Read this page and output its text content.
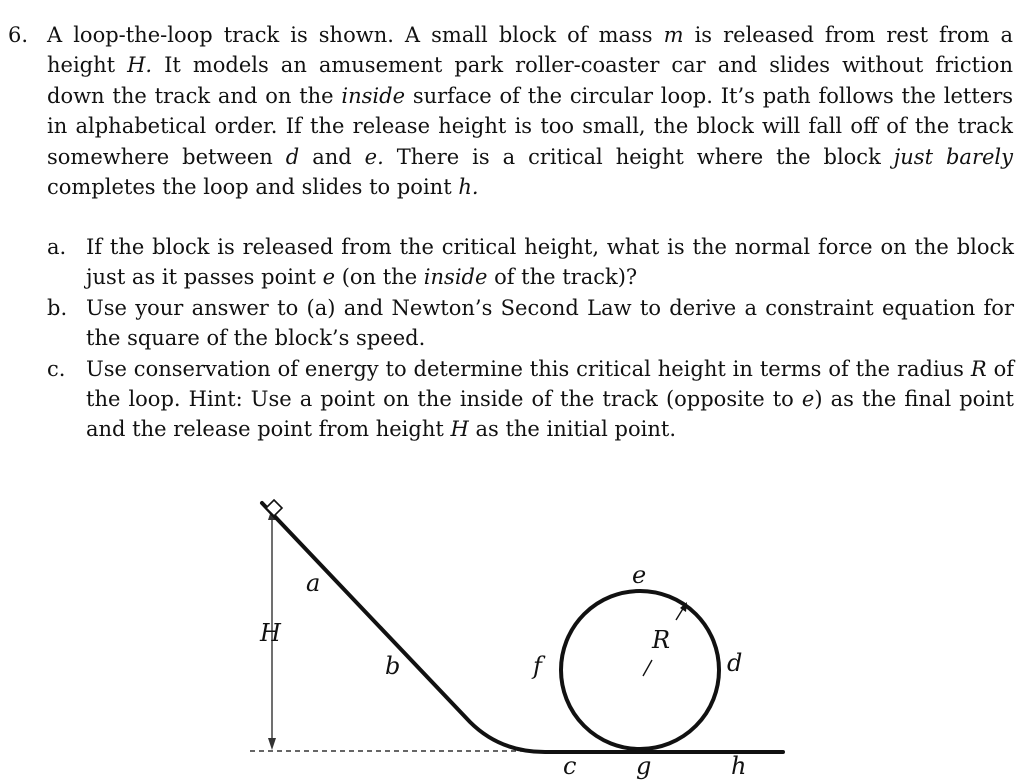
6. A loop-the-loop track is shown. A small block of mass m is released from rest from a height H. It models an amusement park roller-coaster car and slides without friction down the track and on the inside surface of the circular loop. It’s path follows the letters in alphabetical order. If the release height is too small, the block will fall off of the track somewhere between d and e. There is a critical height where the block just barely completes the loop and slides to point h.
a. If the block is released from the critical height, what is the normal force on the block just as it passes point e (on the inside of the track)?
b. Use your answer to (a) and Newton’s Second Law to derive a constraint equation for the square of the block’s speed.
c. Use conservation of energy to determine this critical height in terms of the radius R of the loop. Hint: Use a point on the inside of the track (opposite to e) as the final point and the release point from height H as the initial point.
a
b
H
c g	h
e
f	d
R
